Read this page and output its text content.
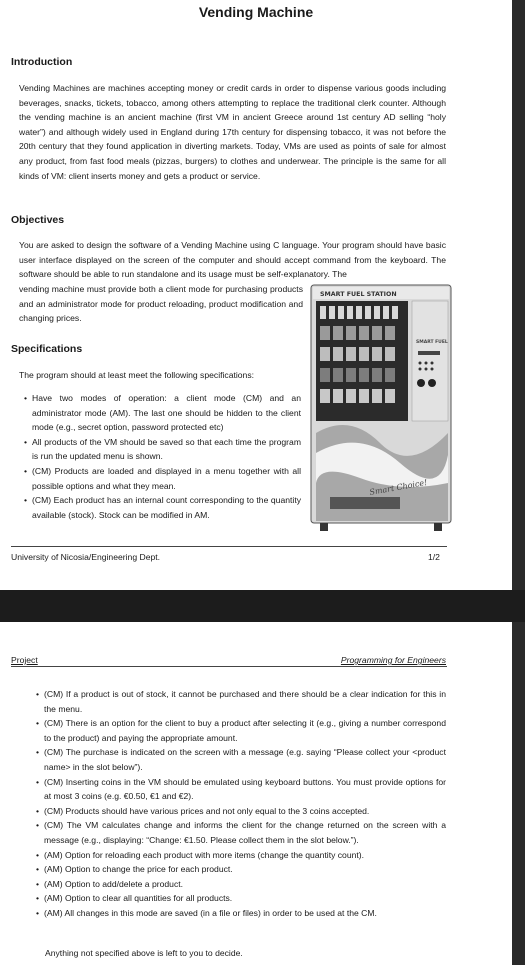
Vending Machine
Introduction
Vending Machines are machines accepting money or credit cards in order to dispense various goods including beverages, snacks, tickets, tobacco, among others attempting to replace the traditional clerk counter. Although the vending machine is an ancient machine (first VM in ancient Greece around 1st century AD selling “holy water”) and although widely used in England during 17th century for dispensing tobacco, it was not before the 20th century that they found application in diverting markets. Today, VMs are used as points of sale for almost any product, from fast food meals (pizzas, burgers) to clothes and underwear. The principle is the same for all kinds of VM: client inserts money and gets a product or service.
Objectives
You are asked to design the software of a Vending Machine using C language. Your program should have basic user interface displayed on the screen of the computer and should accept command from the keyboard. The software should be able to run standalone and its usage must be self-explanatory. The
vending machine must provide both a client mode for purchasing products and an administrator mode for product reloading, product modification and changing prices.
Specifications
The program should at least meet the following specifications:
• Have two modes of operation: a client mode (CM) and an administrator mode (AM). The last one should be hidden to the client mode (e.g., secret option, password protected etc)
• All products of the VM should be saved so that each time the program is run the updated menu is shown.
• (CM) Products are loaded and displayed in a menu together with all possible options and what they mean.
• (CM) Each product has an internal count corresponding to the quantity available (stock). Stock can be modified in AM.
SMART FUEL STATION
SMART FUEL
Smart Choice!
University of Nicosia/Engineering Dept.	1/2
Project	Programming for Engineers
• (CM) If a product is out of stock, it cannot be purchased and there should be a clear indication for this in the menu.
• (CM) There is an option for the client to buy a product after selecting it (e.g., giving a number correspond to the product) and paying the appropriate amount.
• (CM) The purchase is indicated on the screen with a message (e.g. saying “Please collect your <product name> in the slot below”).
• (CM) Inserting coins in the VM should be emulated using keyboard buttons. You must provide options for at most 3 coins (e.g. €0.50, €1 and €2).
• (CM) Products should have various prices and not only equal to the 3 coins accepted.
• (CM) The VM calculates change and informs the client for the change returned on the screen with a message (e.g., displaying: “Change: €1.50. Please collect them in the slot below.”).
• (AM) Option for reloading each product with more items (change the quantity count).
• (AM) Option to change the price for each product.
• (AM) Option to add/delete a product.
• (AM) Option to clear all quantities for all products.
• (AM) All changes in this mode are saved (in a file or files) in order to be used at the CM.
Anything not specified above is left to you to decide.
